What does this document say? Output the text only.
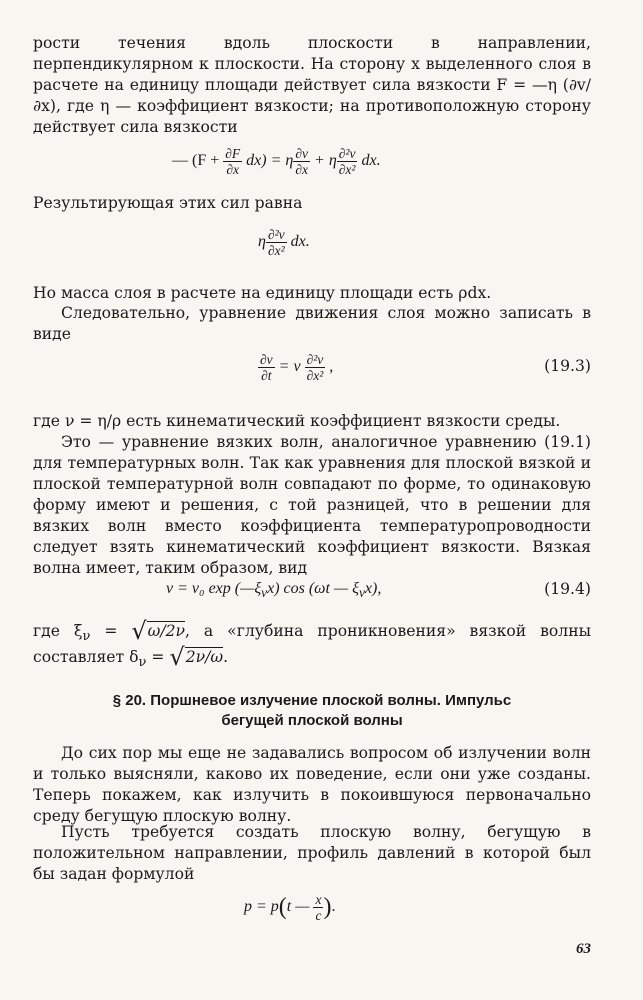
рости течения вдоль плоскости в направлении, перпендикулярном к плоскости. На сторону x выделенного слоя в расчете на единицу площади действует сила вязкости F = —η (∂v/∂x), где η — коэффициент вязкости; на противоположную сторону действует сила вязкости

— $(F + \frac{\partial F}{\partial x} dx) = \eta \frac{\partial v}{\partial x} + \eta \frac{\text{∂²v}}{\text{∂x²}}$ dx.

Результирующая этих сил равна

η $\frac{\text{∂²v}}{\text{∂x²}}$ dx.

Но масса слоя в расчете на единицу площади есть ρdx.

Следовательно, уравнение движения слоя можно записать в виде

$\frac{\partial v}{\partial t} = \nu \frac{\text{∂²v}}{\text{∂x²}}$ ,	(19.3)

где ν = η/ρ есть кинематический коэффициент вязкости среды.

Это — уравнение вязких волн, аналогичное уравнению (19.1) для температурных волн. Так как уравнения для плоской вязкой и плоской температурной волн совпадают по форме, то одинаковую форму имеют и решения, с той разницей, что в решении для вязких волн вместо коэффициента температуропроводности следует взять кинематический коэффициент вязкости. Вязкая волна имеет, таким образом, вид

v = v₀ $\exp (—\xi_\nu x)$ cos (ωt — $\xi_\nu x$),	(19.4)

где $\xi_\nu = √\omega/2\nu$, а «глубина проникновения» вязкой волны составляет $\delta_\nu = √2\nu/\omega$.

§ 20. Поршневое излучение плоской волны. Импульс
бегущей плоской волны

До сих пор мы еще не задавались вопросом об излучении волн и только выясняли, каково их поведение, если они уже созданы. Теперь покажем, как излучить в покоившуюся первоначально среду бегущую плоскую волну.

Пусть требуется создать плоскую волну, бегущую в положительном направлении, профиль давлений в которой был бы задан формулой

p = p(t — $\frac{x}{c}$ ).
63
